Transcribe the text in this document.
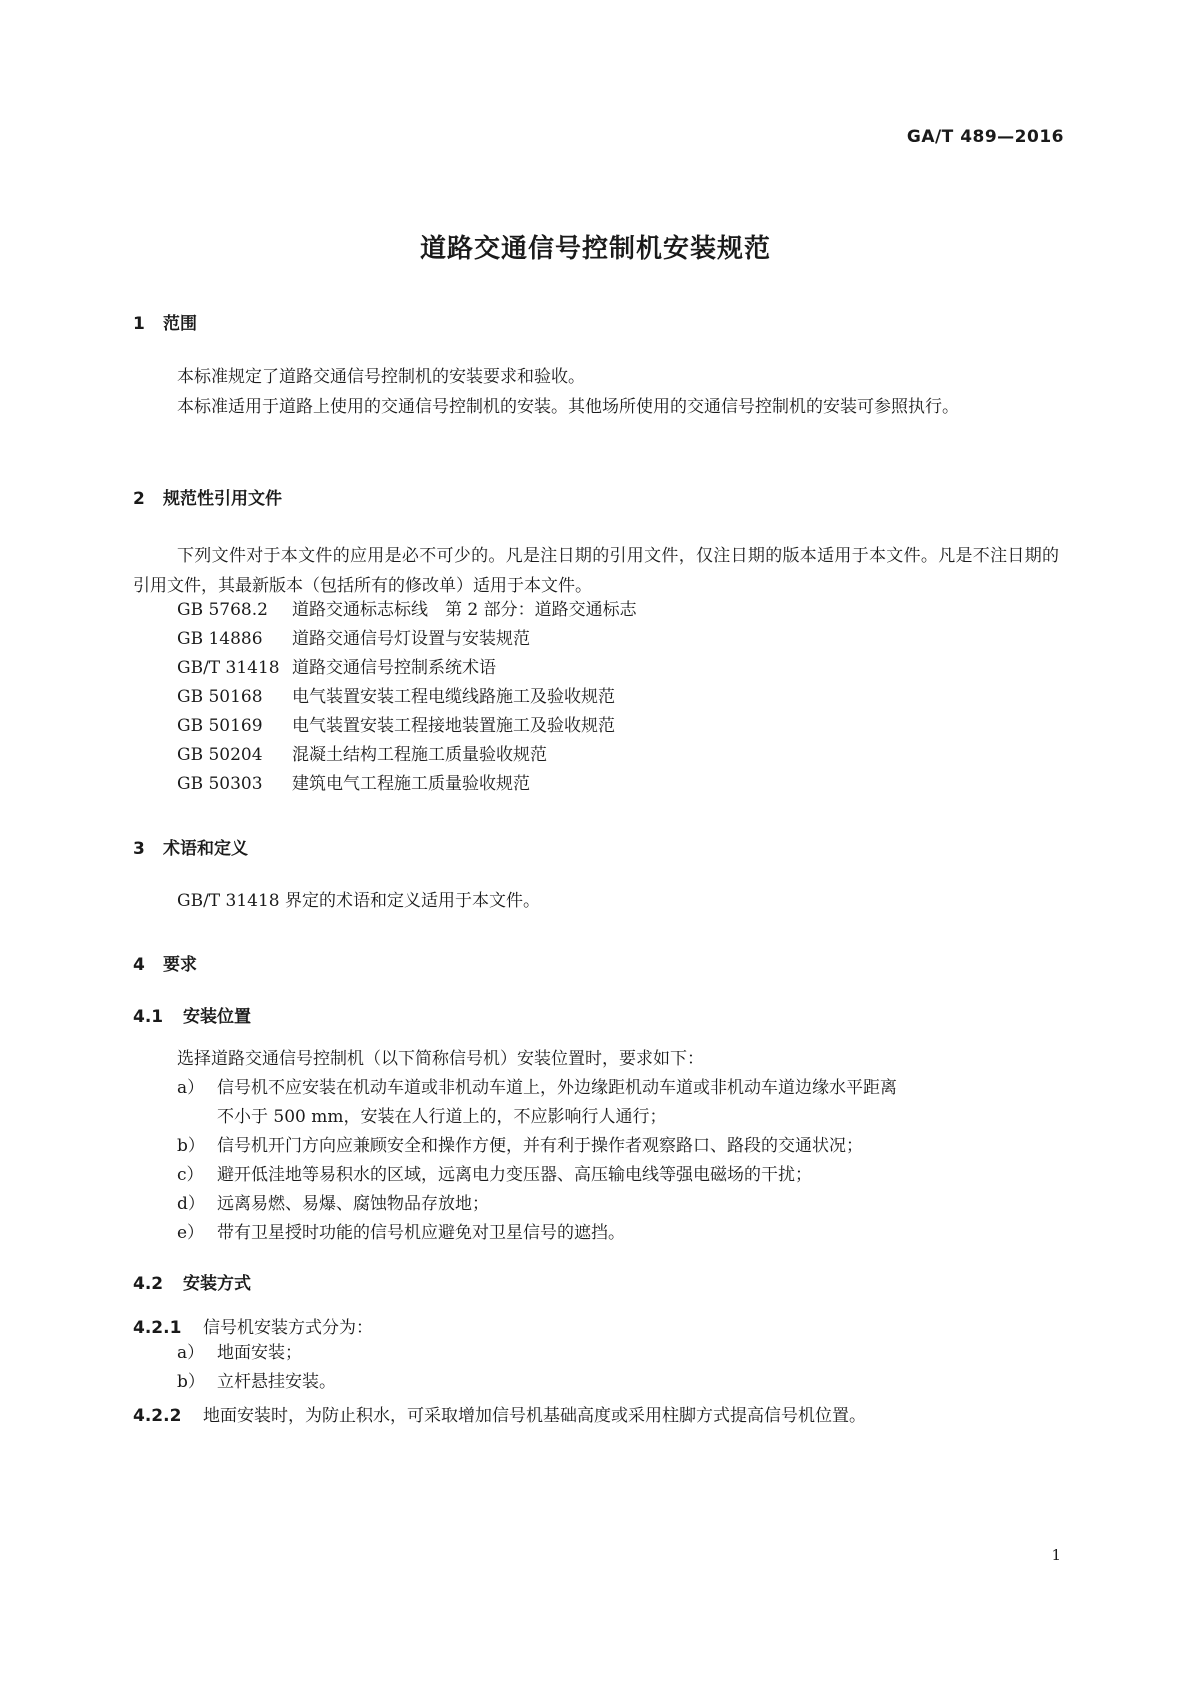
GA/T 489—2016
道路交通信号控制机安装规范
1 范围
本标准规定了道路交通信号控制机的安装要求和验收。
本标准适用于道路上使用的交通信号控制机的安装。其他场所使用的交通信号控制机的安装可参照执行。
2 规范性引用文件
下列文件对于本文件的应用是必不可少的。凡是注日期的引用文件，仅注日期的版本适用于本文件。凡是不注日期的引用文件，其最新版本（包括所有的修改单）适用于本文件。
GB 5768.2 道路交通标志标线　第 2 部分：道路交通标志
GB 14886 道路交通信号灯设置与安装规范
GB/T 31418 道路交通信号控制系统术语
GB 50168 电气装置安装工程电缆线路施工及验收规范
GB 50169 电气装置安装工程接地装置施工及验收规范
GB 50204 混凝土结构工程施工质量验收规范
GB 50303 建筑电气工程施工质量验收规范
3 术语和定义
GB/T 31418 界定的术语和定义适用于本文件。
4 要求
4.1 安装位置
选择道路交通信号控制机（以下简称信号机）安装位置时，要求如下：
a） 信号机不应安装在机动车道或非机动车道上，外边缘距机动车道或非机动车道边缘水平距离
不小于 500 mm，安装在人行道上的，不应影响行人通行；
b） 信号机开门方向应兼顾安全和操作方便，并有利于操作者观察路口、路段的交通状况；
c） 避开低洼地等易积水的区域，远离电力变压器、高压输电线等强电磁场的干扰；
d） 远离易燃、易爆、腐蚀物品存放地；
e） 带有卫星授时功能的信号机应避免对卫星信号的遮挡。
4.2 安装方式
4.2.1 信号机安装方式分为：
a） 地面安装；
b） 立杆悬挂安装。
4.2.2 地面安装时，为防止积水，可采取增加信号机基础高度或采用柱脚方式提高信号机位置。
1
